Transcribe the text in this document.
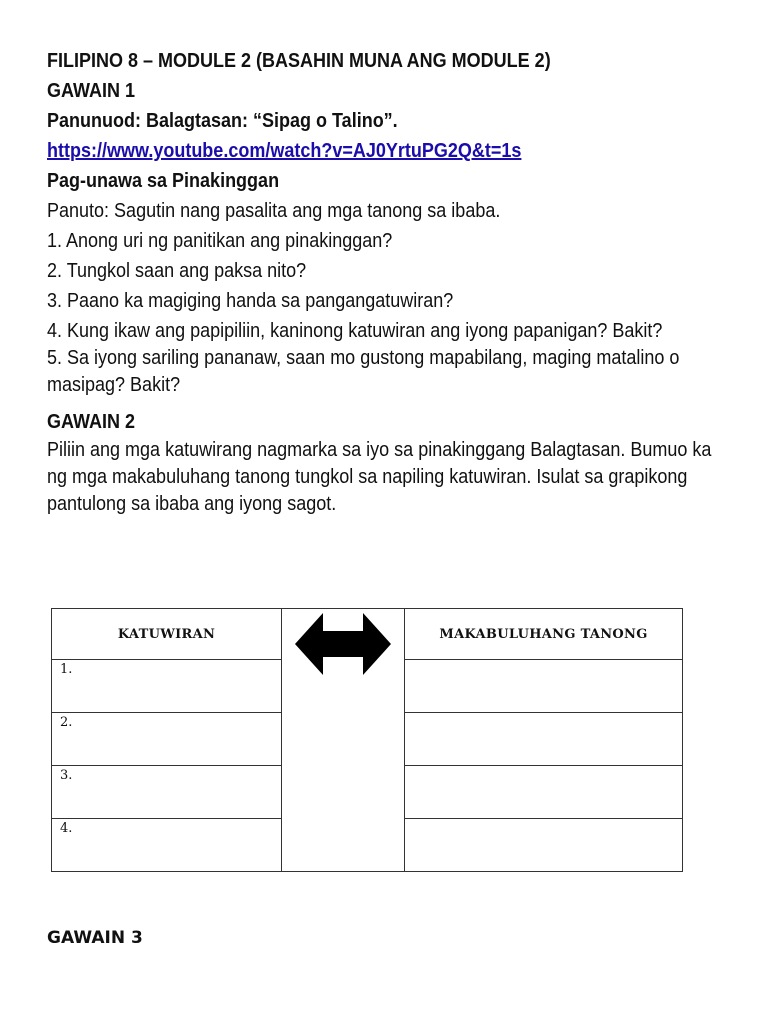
FILIPINO 8 – MODULE 2 (BASAHIN MUNA ANG MODULE 2)
GAWAIN 1
Panunuod: Balagtasan: “Sipag o Talino”.
https://www.youtube.com/watch?v=AJ0YrtuPG2Q&t=1s
Pag-unawa sa Pinakinggan
Panuto: Sagutin nang pasalita ang mga tanong sa ibaba.
1. Anong uri ng panitikan ang pinakinggan?
2. Tungkol saan ang paksa nito?
3. Paano ka magiging handa sa pangangatuwiran?
4. Kung ikaw ang papipiliin, kaninong katuwiran ang iyong papanigan? Bakit?
5. Sa iyong sariling pananaw, saan mo gustong mapabilang, maging matalino o masipag? Bakit?
GAWAIN 2
Piliin ang mga katuwirang nagmarka sa iyo sa pinakinggang Balagtasan. Bumuo ka ng mga makabuluhang tanong tungkol sa napiling katuwiran. Isulat sa grapikong pantulong sa ibaba ang iyong sagot.
KATUWIRAN		MAKABULUHANG TANONG
1.		
2.		
3.		
4.		
GAWAIN 3
